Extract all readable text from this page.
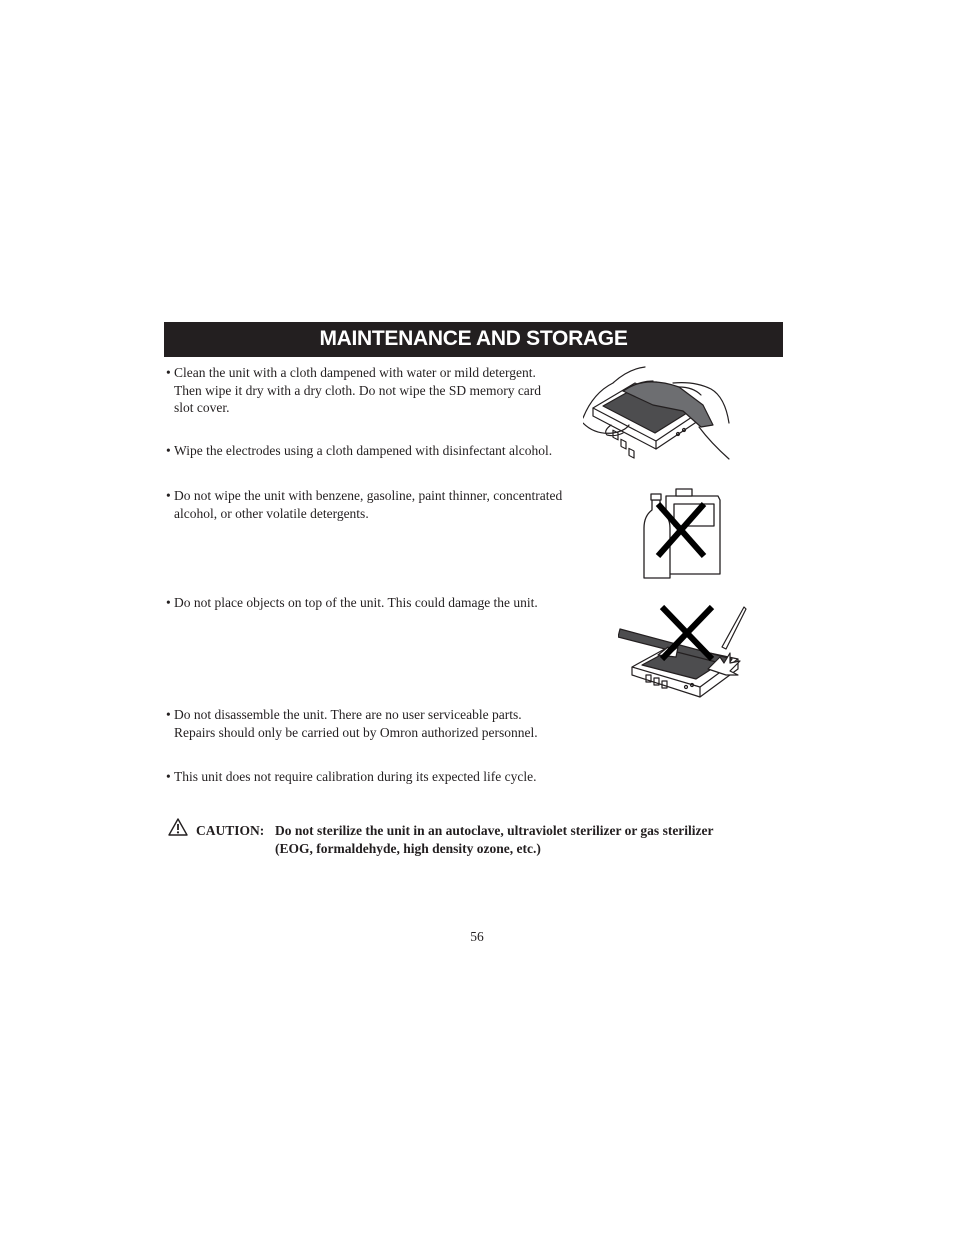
MAINTENANCE AND STORAGE
• Clean the unit with a cloth dampened with water or mild detergent.
Then wipe it dry with a dry cloth. Do not wipe the SD memory card
slot cover.
• Wipe the electrodes using a cloth dampened with disinfectant alcohol.
• Do not wipe the unit with benzene, gasoline, paint thinner, concentrated
alcohol, or other volatile detergents.
• Do not place objects on top of the unit. This could damage the unit.
• Do not disassemble the unit. There are no user serviceable parts.
Repairs should only be carried out by Omron authorized personnel.
• This unit does not require calibration during its expected life cycle.
CAUTION: Do not sterilize the unit in an autoclave, ultraviolet sterilizer or gas sterilizer
(EOG, formaldehyde, high density ozone, etc.)
56
